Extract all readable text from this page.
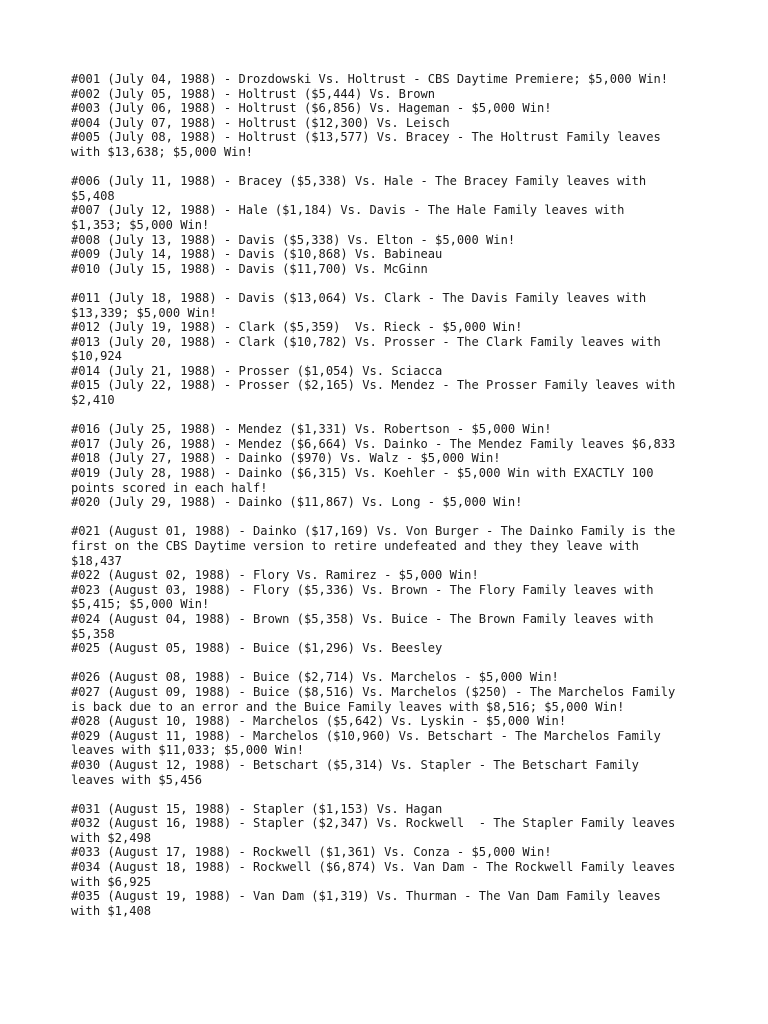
#001 (July 04, 1988) - Drozdowski Vs. Holtrust - CBS Daytime Premiere; $5,000 Win!
#002 (July 05, 1988) - Holtrust ($5,444) Vs. Brown
#003 (July 06, 1988) - Holtrust ($6,856) Vs. Hageman - $5,000 Win!
#004 (July 07, 1988) - Holtrust ($12,300) Vs. Leisch
#005 (July 08, 1988) - Holtrust ($13,577) Vs. Bracey - The Holtrust Family leaves
with $13,638; $5,000 Win!
#006 (July 11, 1988) - Bracey ($5,338) Vs. Hale - The Bracey Family leaves with
$5,408
#007 (July 12, 1988) - Hale ($1,184) Vs. Davis - The Hale Family leaves with
$1,353; $5,000 Win!
#008 (July 13, 1988) - Davis ($5,338) Vs. Elton - $5,000 Win!
#009 (July 14, 1988) - Davis ($10,868) Vs. Babineau
#010 (July 15, 1988) - Davis ($11,700) Vs. McGinn
#011 (July 18, 1988) - Davis ($13,064) Vs. Clark - The Davis Family leaves with
$13,339; $5,000 Win!
#012 (July 19, 1988) - Clark ($5,359)  Vs. Rieck - $5,000 Win!
#013 (July 20, 1988) - Clark ($10,782) Vs. Prosser - The Clark Family leaves with
$10,924
#014 (July 21, 1988) - Prosser ($1,054) Vs. Sciacca
#015 (July 22, 1988) - Prosser ($2,165) Vs. Mendez - The Prosser Family leaves with
$2,410
#016 (July 25, 1988) - Mendez ($1,331) Vs. Robertson - $5,000 Win!
#017 (July 26, 1988) - Mendez ($6,664) Vs. Dainko - The Mendez Family leaves $6,833
#018 (July 27, 1988) - Dainko ($970) Vs. Walz - $5,000 Win!
#019 (July 28, 1988) - Dainko ($6,315) Vs. Koehler - $5,000 Win with EXACTLY 100
points scored in each half!
#020 (July 29, 1988) - Dainko ($11,867) Vs. Long - $5,000 Win!
#021 (August 01, 1988) - Dainko ($17,169) Vs. Von Burger - The Dainko Family is the
first on the CBS Daytime version to retire undefeated and they they leave with
$18,437
#022 (August 02, 1988) - Flory Vs. Ramirez - $5,000 Win!
#023 (August 03, 1988) - Flory ($5,336) Vs. Brown - The Flory Family leaves with
$5,415; $5,000 Win!
#024 (August 04, 1988) - Brown ($5,358) Vs. Buice - The Brown Family leaves with
$5,358
#025 (August 05, 1988) - Buice ($1,296) Vs. Beesley
#026 (August 08, 1988) - Buice ($2,714) Vs. Marchelos - $5,000 Win!
#027 (August 09, 1988) - Buice ($8,516) Vs. Marchelos ($250) - The Marchelos Family
is back due to an error and the Buice Family leaves with $8,516; $5,000 Win!
#028 (August 10, 1988) - Marchelos ($5,642) Vs. Lyskin - $5,000 Win!
#029 (August 11, 1988) - Marchelos ($10,960) Vs. Betschart - The Marchelos Family
leaves with $11,033; $5,000 Win!
#030 (August 12, 1988) - Betschart ($5,314) Vs. Stapler - The Betschart Family
leaves with $5,456
#031 (August 15, 1988) - Stapler ($1,153) Vs. Hagan
#032 (August 16, 1988) - Stapler ($2,347) Vs. Rockwell  - The Stapler Family leaves
with $2,498
#033 (August 17, 1988) - Rockwell ($1,361) Vs. Conza - $5,000 Win!
#034 (August 18, 1988) - Rockwell ($6,874) Vs. Van Dam - The Rockwell Family leaves
with $6,925
#035 (August 19, 1988) - Van Dam ($1,319) Vs. Thurman - The Van Dam Family leaves
with $1,408
